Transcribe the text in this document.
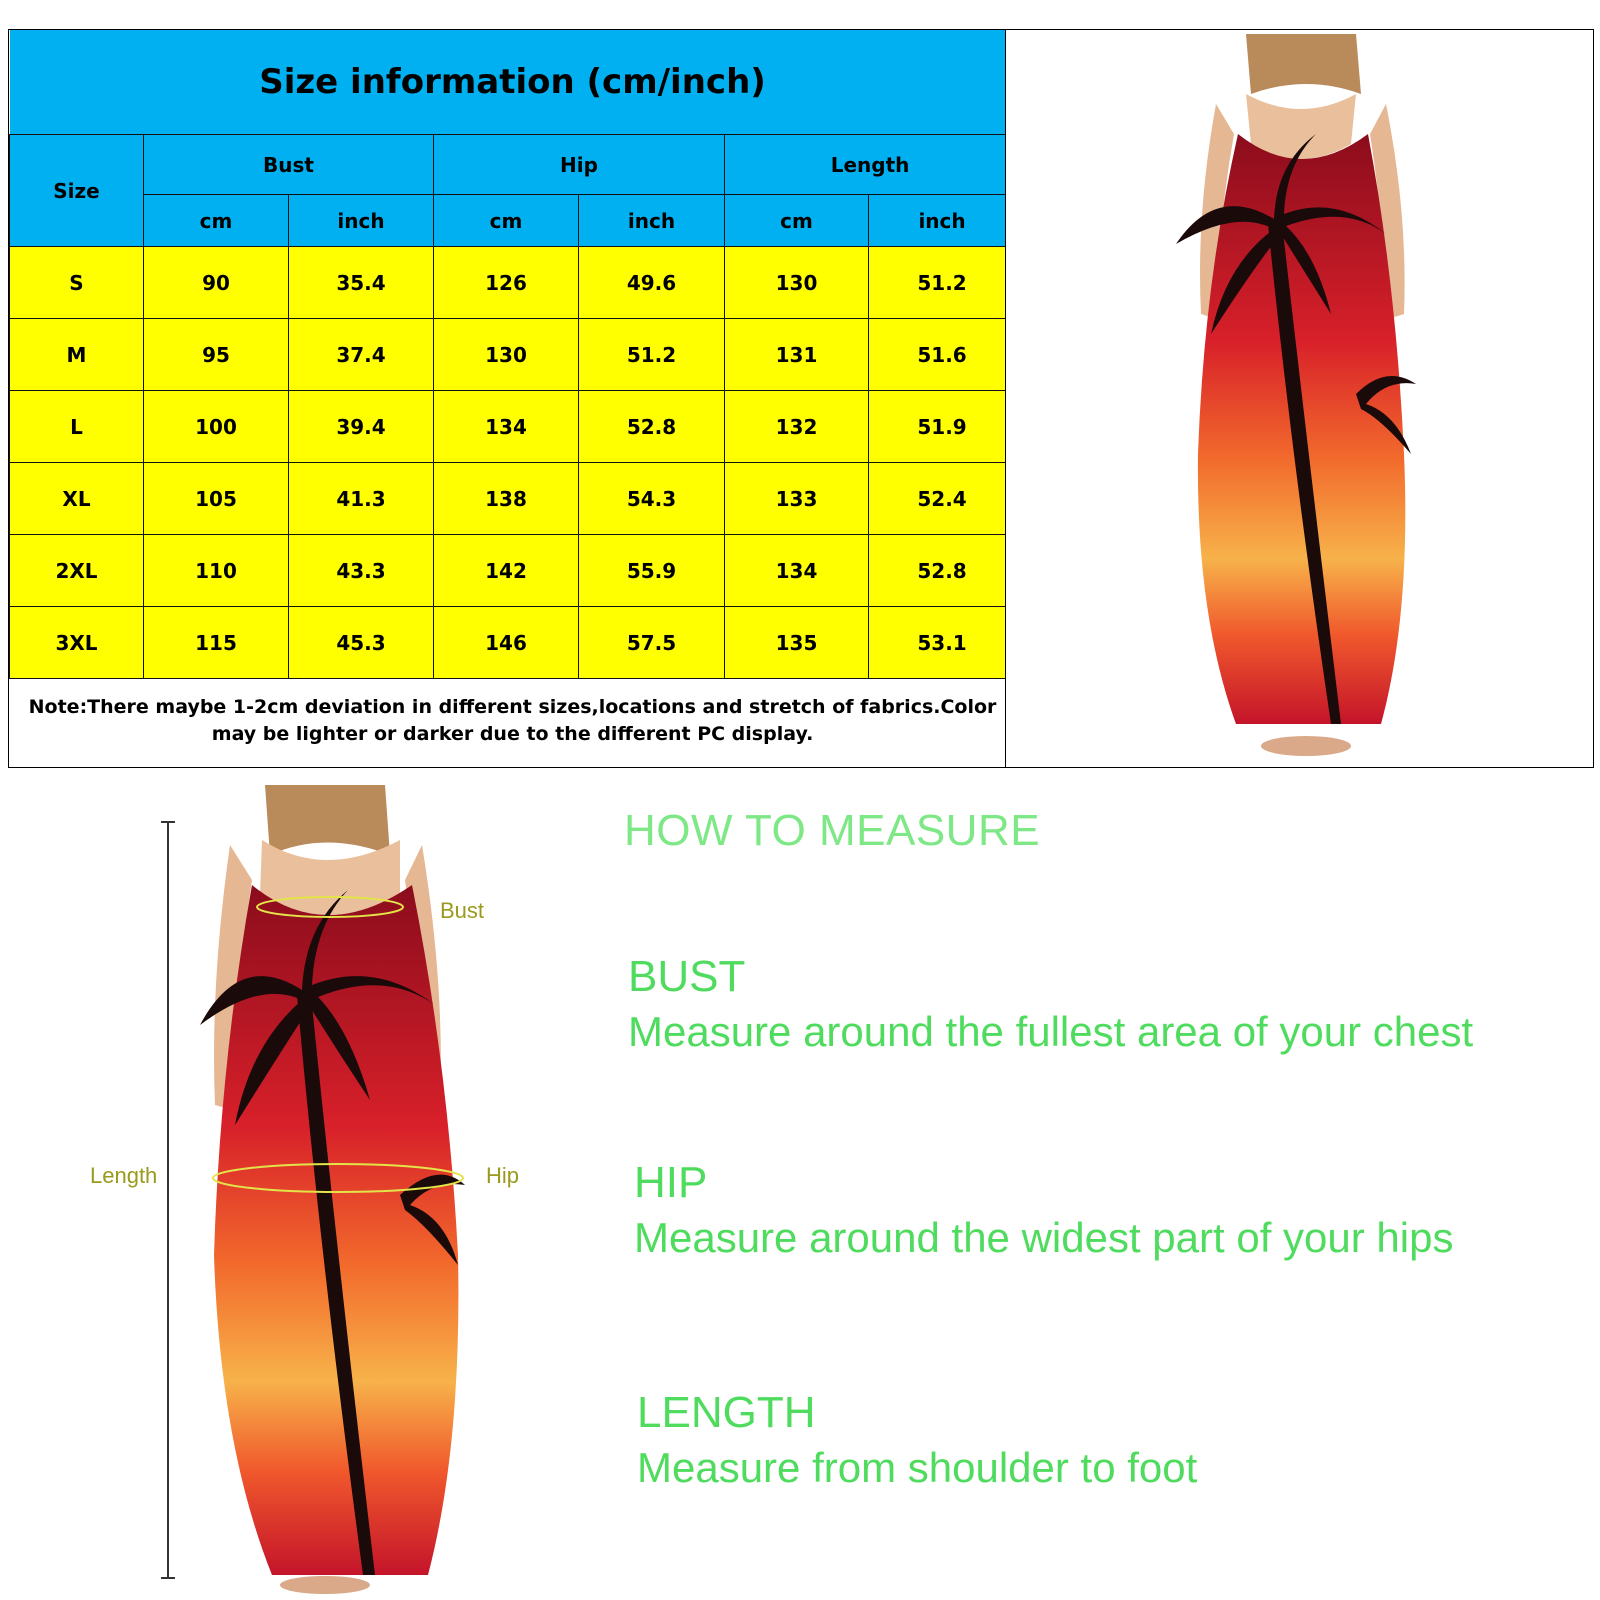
Size information (cm/inch)						
Size	Bust		Hip		Length	
	cm	inch	cm	inch	cm	inch
S	90	35.4	126	49.6	130	51.2
M	95	37.4	130	51.2	131	51.6
L	100	39.4	134	52.8	132	51.9
XL	105	41.3	138	54.3	133	52.4
2XL	110	43.3	142	55.9	134	52.8
3XL	115	45.3	146	57.5	135	53.1
Note:There maybe 1-2cm deviation in different sizes,locations and stretch of fabrics.Color may be lighter or darker due to the different PC display.						
Bust
Hip
Length
HOW TO MEASURE
BUST
Measure around the fullest area of your chest
HIP
Measure around the widest part of your hips
LENGTH
Measure from shoulder to foot
